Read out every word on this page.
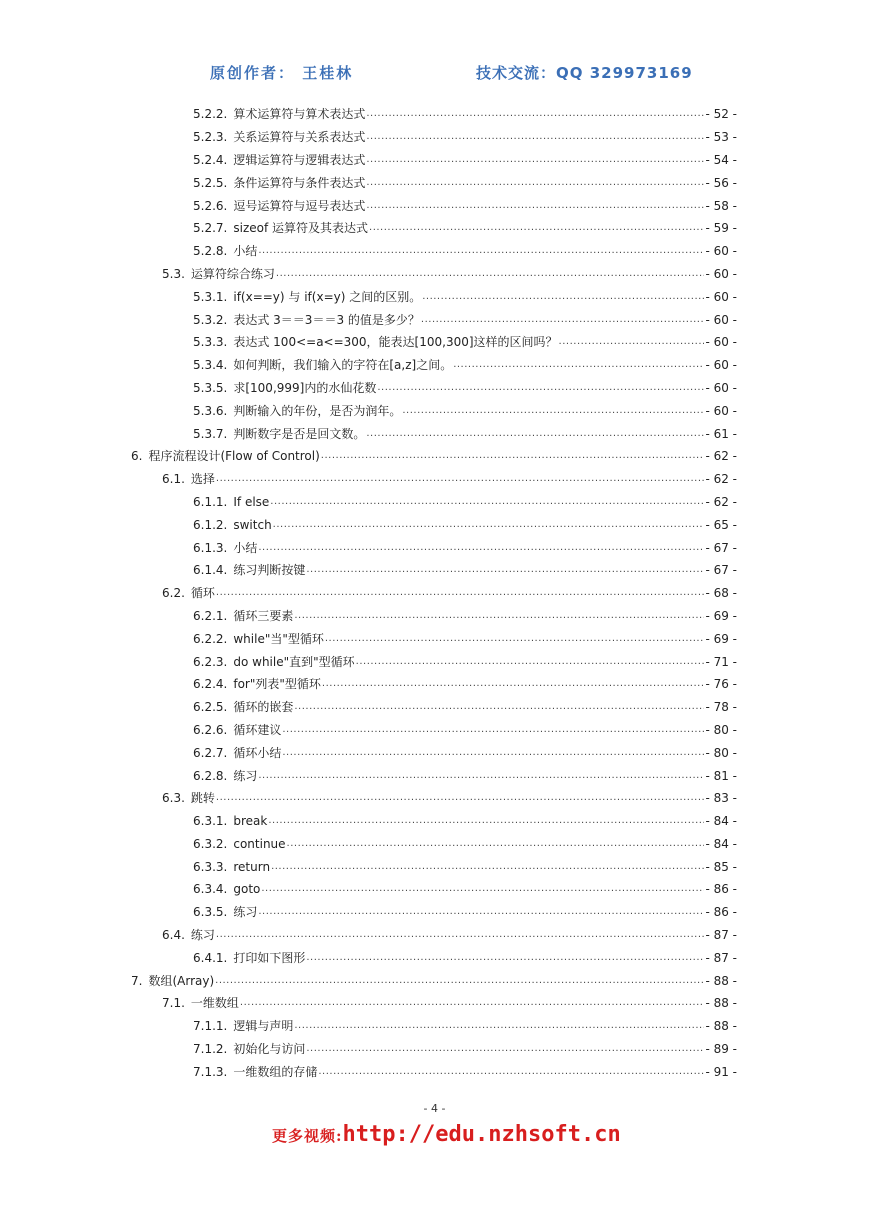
原创作者： 王桂林	技术交流：QQ 329973169
5.2.2. 算术运算符与算术表达式 .....	- 52 -
5.2.3. 关系运算符与关系表达式 .....	- 53 -
5.2.4. 逻辑运算符与逻辑表达式 .....	- 54 -
5.2.5. 条件运算符与条件表达式 .....	- 56 -
5.2.6. 逗号运算符与逗号表达式 .....	- 58 -
5.2.7. sizeof 运算符及其表达式 .....	- 59 -
5.2.8. 小结 .....	- 60 -
5.3. 运算符综合练习 .....	- 60 -
5.3.1. if(x==y) 与 if(x=y) 之间的区别。 .....	- 60 -
5.3.2. 表达式 3＝＝3＝＝3 的值是多少？ .....	- 60 -
5.3.3. 表达式 100<=a<=300，能表达[100,300]这样的区间吗？ .....	- 60 -
5.3.4. 如何判断，我们输入的字符在[a,z]之间。 .....	- 60 -
5.3.5. 求[100,999]内的水仙花数 .....	- 60 -
5.3.6. 判断输入的年份，是否为润年。 .....	- 60 -
5.3.7. 判断数字是否是回文数。 .....	- 61 -
6. 程序流程设计(Flow of Control) .....	- 62 -
6.1. 选择 .....	- 62 -
6.1.1. If else .....	- 62 -
6.1.2. switch .....	- 65 -
6.1.3. 小结 .....	- 67 -
6.1.4. 练习判断按键 .....	- 67 -
6.2. 循环 .....	- 68 -
6.2.1. 循环三要素 .....	- 69 -
6.2.2. while"当"型循环 .....	- 69 -
6.2.3. do while"直到"型循环 .....	- 71 -
6.2.4. for"列表"型循环 .....	- 76 -
6.2.5. 循环的嵌套 .....	- 78 -
6.2.6. 循环建议 .....	- 80 -
6.2.7. 循环小结 .....	- 80 -
6.2.8. 练习 .....	- 81 -
6.3. 跳转 .....	- 83 -
6.3.1. break .....	- 84 -
6.3.2. continue .....	- 84 -
6.3.3. return .....	- 85 -
6.3.4. goto .....	- 86 -
6.3.5. 练习 .....	- 86 -
6.4. 练习 .....	- 87 -
6.4.1. 打印如下图形 .....	- 87 -
7. 数组(Array) .....	- 88 -
7.1. 一维数组 .....	- 88 -
7.1.1. 逻辑与声明 .....	- 88 -
7.1.2. 初始化与访问 .....	- 89 -
7.1.3. 一维数组的存储 .....	- 91 -
- 4 -
更多视频:http://edu.nzhsoft.cn
